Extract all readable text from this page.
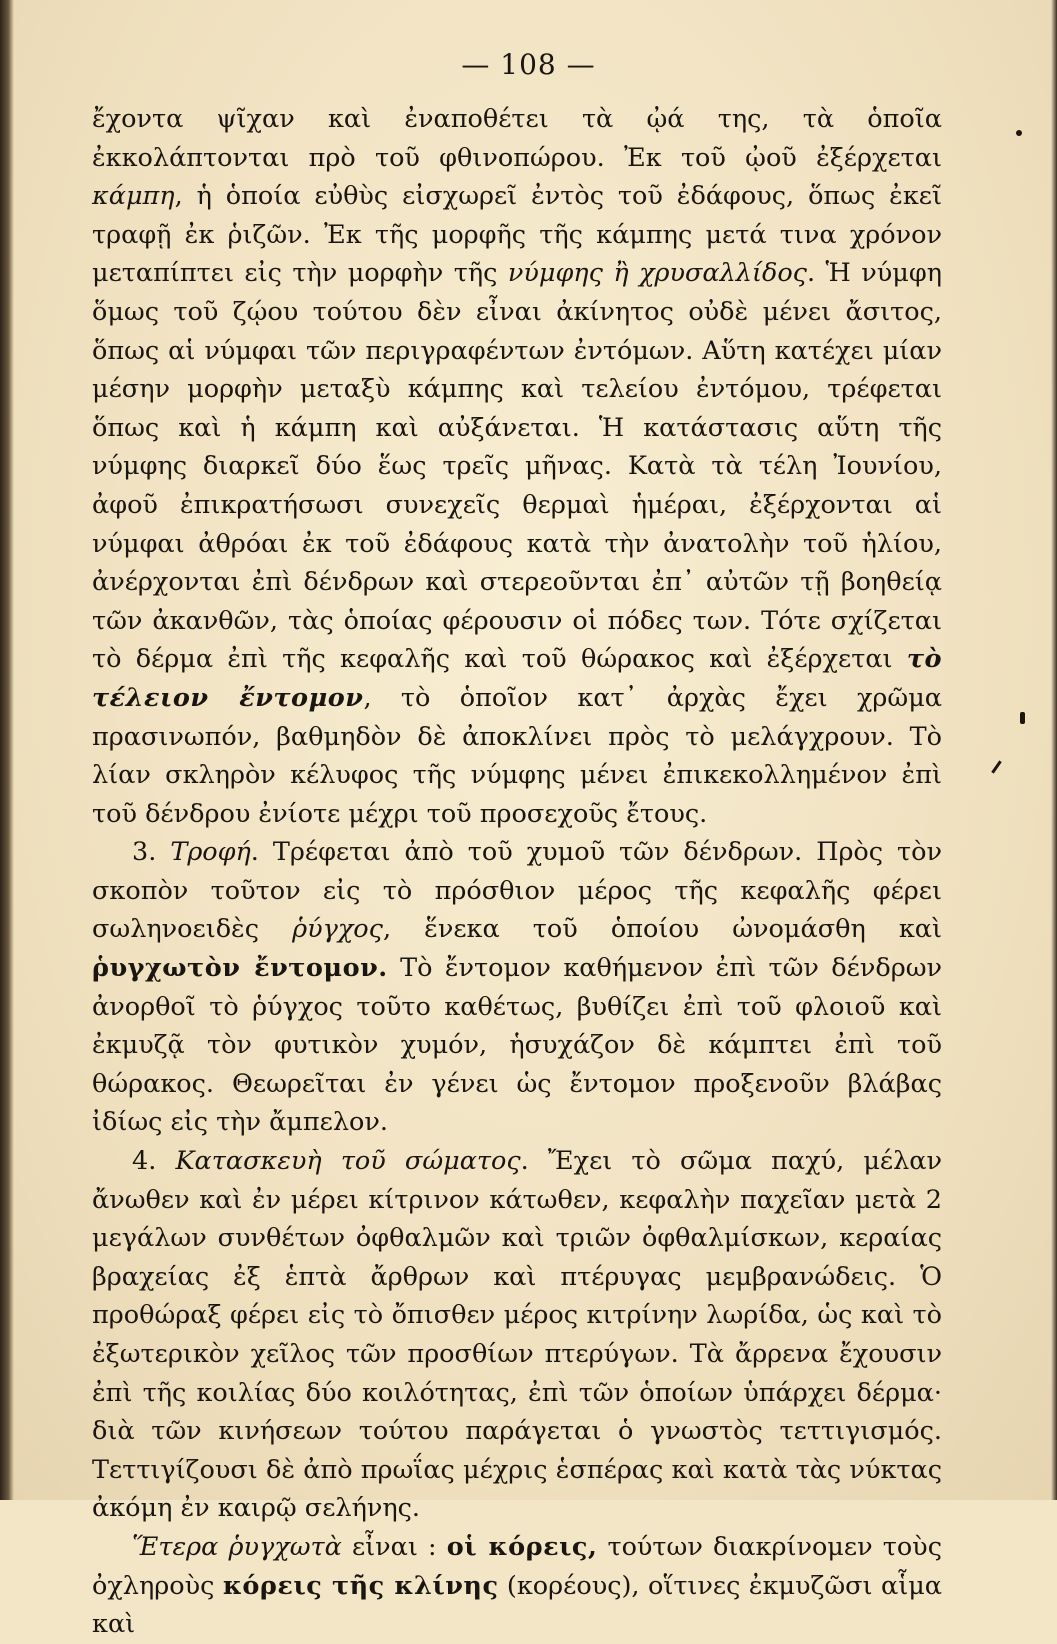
— 108 —

ἔχοντα ψῖχαν καὶ ἐναποθέτει τὰ ᾠά της, τὰ ὁποῖα ἐκκολάπτονται πρὸ τοῦ φθινοπώρου. Ἐκ τοῦ ᾠοῦ ἐξέρχεται κάμπη, ἡ ὁποία εὐθὺς εἰσχωρεῖ ἐντὸς τοῦ ἐδάφους, ὅπως ἐκεῖ τραφῇ ἐκ ῥιζῶν. Ἐκ τῆς μορφῆς τῆς κάμπης μετά τινα χρόνον μεταπίπτει εἰς τὴν μορφὴν τῆς νύμφης ἢ χρυσαλλίδος. Ἡ νύμφη ὅμως τοῦ ζῴου τούτου δὲν εἶναι ἀκίνητος οὐδὲ μένει ἄσιτος, ὅπως αἱ νύμφαι τῶν περιγραφέντων ἐντόμων. Αὕτη κατέχει μίαν μέσην μορφὴν μεταξὺ κάμπης καὶ τελείου ἐντόμου, τρέφεται ὅπως καὶ ἡ κάμπη καὶ αὐξάνεται. Ἡ κατάστασις αὕτη τῆς νύμφης διαρκεῖ δύο ἕως τρεῖς μῆνας. Κατὰ τὰ τέλη Ἰουνίου, ἀφοῦ ἐπικρατήσωσι συνεχεῖς θερμαὶ ἡμέραι, ἐξέρχονται αἱ νύμφαι ἀθρόαι ἐκ τοῦ ἐδάφους κατὰ τὴν ἀνατολὴν τοῦ ἡλίου, ἀνέρχονται ἐπὶ δένδρων καὶ στερεοῦνται ἐπ᾽ αὐτῶν τῇ βοηθείᾳ τῶν ἀκανθῶν, τὰς ὁποίας φέρουσιν οἱ πόδες των. Τότε σχίζεται τὸ δέρμα ἐπὶ τῆς κεφαλῆς καὶ τοῦ θώρακος καὶ ἐξέρχεται τὸ τέλειον ἔντομον, τὸ ὁποῖον κατ᾽ ἀρχὰς ἔχει χρῶμα πρασινωπόν, βαθμηδὸν δὲ ἀποκλίνει πρὸς τὸ μελάγχρουν. Τὸ λίαν σκληρὸν κέλυφος τῆς νύμφης μένει ἐπικεκολλημένον ἐπὶ τοῦ δένδρου ἐνίοτε μέχρι τοῦ προσεχοῦς ἔτους.

3. Τροφή. Τρέφεται ἀπὸ τοῦ χυμοῦ τῶν δένδρων. Πρὸς τὸν σκοπὸν τοῦτον εἰς τὸ πρόσθιον μέρος τῆς κεφαλῆς φέρει σωληνοειδὲς ῥύγχος, ἕνεκα τοῦ ὁποίου ὠνομάσθη καὶ ῥυγχωτὸν ἔντομον. Τὸ ἔντομον καθήμενον ἐπὶ τῶν δένδρων ἀνορθοῖ τὸ ῥύγχος τοῦτο καθέτως, βυθίζει ἐπὶ τοῦ φλοιοῦ καὶ ἐκμυζᾷ τὸν φυτικὸν χυμόν, ἡσυχάζον δὲ κάμπτει ἐπὶ τοῦ θώρακος. Θεωρεῖται ἐν γένει ὡς ἔντομον προξενοῦν βλάβας ἰδίως εἰς τὴν ἄμπελον.

4. Κατασκευὴ τοῦ σώματος. Ἔχει τὸ σῶμα παχύ, μέλαν ἄνωθεν καὶ ἐν μέρει κίτρινον κάτωθεν, κεφαλὴν παχεῖαν μετὰ 2 μεγάλων συνθέτων ὀφθαλμῶν καὶ τριῶν ὀφθαλμίσκων, κεραίας βραχείας ἐξ ἑπτὰ ἄρθρων καὶ πτέρυγας μεμβρανώδεις. Ὁ προθώραξ φέρει εἰς τὸ ὄπισθεν μέρος κιτρίνην λωρίδα, ὡς καὶ τὸ ἐξωτερικὸν χεῖλος τῶν προσθίων πτερύγων. Τὰ ἄρρενα ἔχουσιν ἐπὶ τῆς κοιλίας δύο κοιλότητας, ἐπὶ τῶν ὁποίων ὑπάρχει δέρμα· διὰ τῶν κινήσεων τούτου παράγεται ὁ γνωστὸς τεττιγισμός. Τεττιγίζουσι δὲ ἀπὸ πρωΐας μέχρις ἑσπέρας καὶ κατὰ τὰς νύκτας ἀκόμη ἐν καιρῷ σελήνης.

Ἕτερα ῥυγχωτὰ εἶναι : οἱ κόρεις, τούτων διακρίνομεν τοὺς ὀχληροὺς κόρεις τῆς κλίνης (κορέους), οἵτινες ἐκμυζῶσι αἷμα καὶ
